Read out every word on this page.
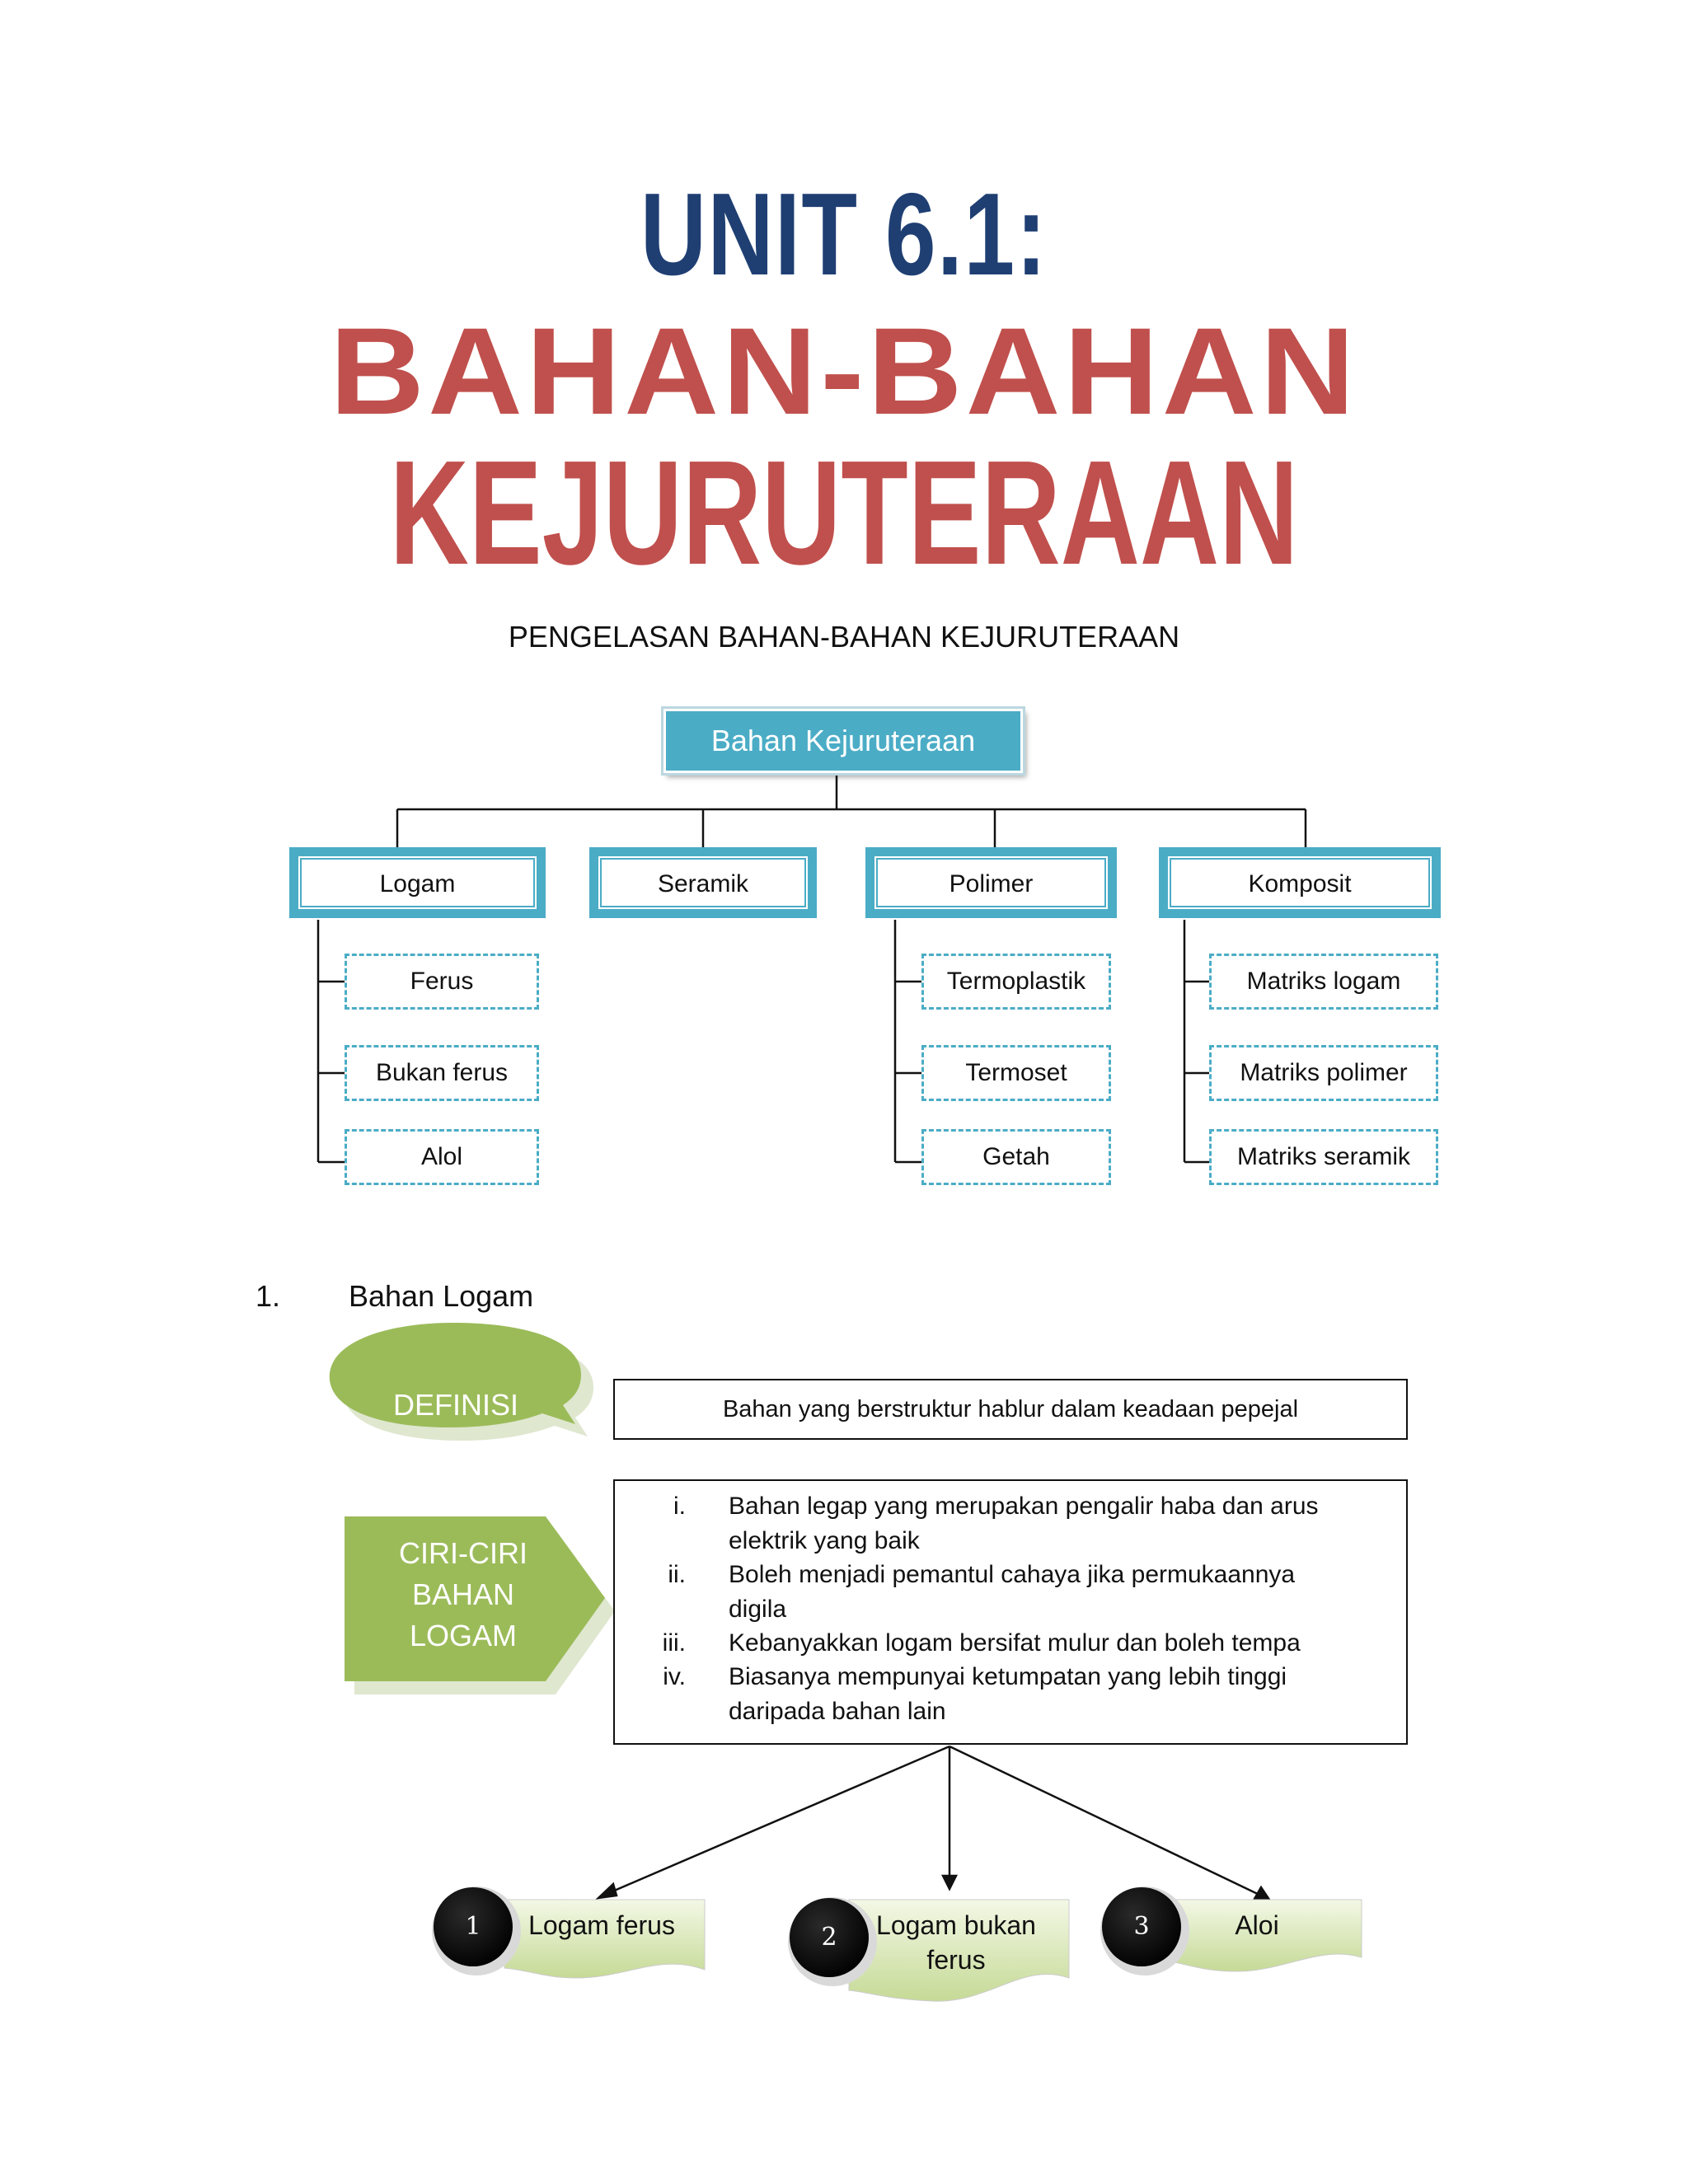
UNIT 6.1:
BAHAN-BAHAN
KEJURUTERAAN
PENGELASAN BAHAN-BAHAN KEJURUTERAAN
Bahan Kejuruteraan
Logam	Seramik	Polimer	Komposit
Ferus
Bukan ferus
Alol
Termoplastik
Termoset
Getah
Matriks logam
Matriks polimer
Matriks seramik
1. Bahan Logam
DEFINISI	Bahan yang berstruktur hablur dalam keadaan pepejal
CIRI-CIRI
BAHAN
LOGAM
i. Bahan legap yang merupakan pengalir haba dan arus
elektrik yang baik
ii. Boleh menjadi pemantul cahaya jika permukaannya
digila
iii. Kebanyakkan logam bersifat mulur dan boleh tempa
iv. Biasanya mempunyai ketumpatan yang lebih tinggi
daripada bahan lain
1	Logam ferus	2	Logam bukan
ferus
3	Aloi
